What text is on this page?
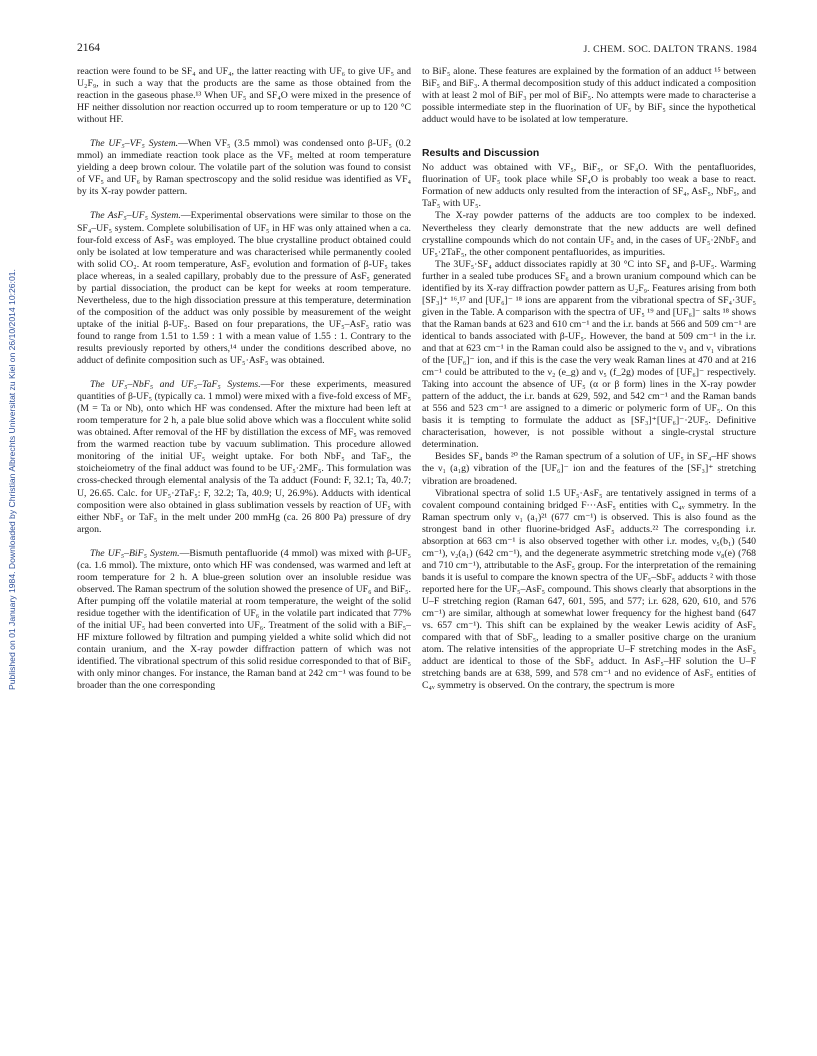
Published on 01 January 1984. Downloaded by Christian Albrechts Universitat zu Kiel on 26/10/2014 10:26:01.
2164	J. CHEM. SOC. DALTON TRANS. 1984

reaction were found to be SF₄ and UF₄, the latter reacting with UF₆ to give UF₅ and U₂F₉, in such a way that the products are the same as those obtained from the reaction in the gaseous phase.¹³ When UF₅ and SF₄O were mixed in the presence of HF neither dissolution nor reaction occurred up to room temperature or up to 120 °C without HF.

The UF₅–VF₅ System.—When VF₅ (3.5 mmol) was condensed onto β-UF₅ (0.2 mmol) an immediate reaction took place as the VF₅ melted at room temperature yielding a deep brown colour. The volatile part of the solution was found to consist of VF₅ and UF₆ by Raman spectroscopy and the solid residue was identified as VF₄ by its X-ray powder pattern.

The AsF₅–UF₅ System.—Experimental observations were similar to those on the SF₄–UF₅ system. Complete solubilisation of UF₅ in HF was only attained when a ca. four-fold excess of AsF₅ was employed. The blue crystalline product obtained could only be isolated at low temperature and was characterised while permanently cooled with solid CO₂. At room temperature, AsF₅ evolution and formation of β-UF₅ takes place whereas, in a sealed capillary, probably due to the pressure of AsF₅ generated by partial dissociation, the product can be kept for weeks at room temperature. Nevertheless, due to the high dissociation pressure at this temperature, determination of the composition of the adduct was only possible by measurement of the weight uptake of the initial β-UF₅. Based on four preparations, the UF₅–AsF₅ ratio was found to range from 1.51 to 1.59 : 1 with a mean value of 1.55 : 1. Contrary to the results previously reported by others,¹⁴ under the conditions described above, no adduct of definite composition such as UF₅·AsF₅ was obtained.

The UF₅–NbF₅ and UF₅–TaF₅ Systems.—For these experiments, measured quantities of β-UF₅ (typically ca. 1 mmol) were mixed with a five-fold excess of MF₅ (M = Ta or Nb), onto which HF was condensed. After the mixture had been left at room temperature for 2 h, a pale blue solid above which was a flocculent white solid was obtained. After removal of the HF by distillation the excess of MF₅ was removed from the warmed reaction tube by vacuum sublimation. This procedure allowed monitoring of the initial UF₅ weight uptake. For both NbF₅ and TaF₅, the stoicheiometry of the final adduct was found to be UF₅·2MF₅. This formulation was cross-checked through elemental analysis of the Ta adduct (Found: F, 32.1; Ta, 40.7; U, 26.65. Calc. for UF₅·2TaF₅: F, 32.2; Ta, 40.9; U, 26.9%). Adducts with identical composition were also obtained in glass sublimation vessels by reaction of UF₅ with either NbF₅ or TaF₅ in the melt under 200 mmHg (ca. 26 800 Pa) pressure of dry argon.

The UF₅–BiF₅ System.—Bismuth pentafluoride (4 mmol) was mixed with β-UF₅ (ca. 1.6 mmol). The mixture, onto which HF was condensed, was warmed and left at room temperature for 2 h. A blue-green solution over an insoluble residue was observed. The Raman spectrum of the solution showed the presence of UF₆ and BiF₅. After pumping off the volatile material at room temperature, the weight of the solid residue together with the identification of UF₆ in the volatile part indicated that 77% of the initial UF₅ had been converted into UF₆. Treatment of the solid with a BiF₅–HF mixture followed by filtration and pumping yielded a white solid which did not contain uranium, and the X-ray powder diffraction pattern of which was not identified. The vibrational spectrum of this solid residue corresponded to that of BiF₅ with only minor changes. For instance, the Raman band at 242 cm⁻¹ was found to be broader than the one corresponding

to BiF₅ alone. These features are explained by the formation of an adduct ¹⁵ between BiF₅ and BiF₃. A thermal decomposition study of this adduct indicated a composition with at least 2 mol of BiF₃ per mol of BiF₅. No attempts were made to characterise a possible intermediate step in the fluorination of UF₅ by BiF₅ since the hypothetical adduct would have to be isolated at low temperature.

Results and Discussion

No adduct was obtained with VF₅, BiF₅, or SF₄O. With the pentafluorides, fluorination of UF₅ took place while SF₄O is probably too weak a base to react. Formation of new adducts only resulted from the interaction of SF₄, AsF₅, NbF₅, and TaF₅ with UF₅.

The X-ray powder patterns of the adducts are too complex to be indexed. Nevertheless they clearly demonstrate that the new adducts are well defined crystalline compounds which do not contain UF₅ and, in the cases of UF₅·2NbF₅ and UF₅·2TaF₅, the other component pentafluorides, as impurities.

The 3UF₅·SF₄ adduct dissociates rapidly at 30 °C into SF₄ and β-UF₅. Warming further in a sealed tube produces SF₆ and a brown uranium compound which can be identified by its X-ray diffraction powder pattern as U₂F₉. Features arising from both [SF₃]⁺ ¹⁶,¹⁷ and [UF₆]⁻ ¹⁸ ions are apparent from the vibrational spectra of SF₄·3UF₅ given in the Table. A comparison with the spectra of UF₅ ¹⁹ and [UF₆]⁻ salts ¹⁸ shows that the Raman bands at 623 and 610 cm⁻¹ and the i.r. bands at 566 and 509 cm⁻¹ are identical to bands associated with β-UF₅. However, the band at 509 cm⁻¹ in the i.r. and that at 623 cm⁻¹ in the Raman could also be assigned to the ν₃ and ν₁ vibrations of the [UF₆]⁻ ion, and if this is the case the very weak Raman lines at 470 and at 216 cm⁻¹ could be attributed to the ν₂ (e_g) and ν₅ (f_2g) modes of [UF₆]⁻ respectively. Taking into account the absence of UF₅ (α or β form) lines in the X-ray powder pattern of the adduct, the i.r. bands at 629, 592, and 542 cm⁻¹ and the Raman bands at 556 and 523 cm⁻¹ are assigned to a dimeric or polymeric form of UF₅. On this basis it is tempting to formulate the adduct as [SF₃]⁺[UF₆]⁻·2UF₅. Definitive characterisation, however, is not possible without a single-crystal structure determination.

Besides SF₄ bands ²⁰ the Raman spectrum of a solution of UF₅ in SF₄–HF shows the ν₁ (a₁g) vibration of the [UF₆]⁻ ion and the features of the [SF₃]⁺ stretching vibration are broadened.

Vibrational spectra of solid 1.5 UF₅·AsF₅ are tentatively assigned in terms of a covalent compound containing bridged F···AsF₅ entities with C₄ᵥ symmetry. In the Raman spectrum only ν₁ (a₁)²¹ (677 cm⁻¹) is observed. This is also found as the strongest band in other fluorine-bridged AsF₅ adducts.²² The corresponding i.r. absorption at 663 cm⁻¹ is also observed together with other i.r. modes, ν₅(b₁) (540 cm⁻¹), ν₂(a₁) (642 cm⁻¹), and the degenerate asymmetric stretching mode ν₈(e) (768 and 710 cm⁻¹), attributable to the AsF₅ group. For the interpretation of the remaining bands it is useful to compare the known spectra of the UF₅–SbF₅ adducts ² with those reported here for the UF₅–AsF₅ compound. This shows clearly that absorptions in the U–F stretching region (Raman 647, 601, 595, and 577; i.r. 628, 620, 610, and 576 cm⁻¹) are similar, although at somewhat lower frequency for the highest band (647 vs. 657 cm⁻¹). This shift can be explained by the weaker Lewis acidity of AsF₅ compared with that of SbF₅, leading to a smaller positive charge on the uranium atom. The relative intensities of the appropriate U–F stretching modes in the AsF₅ adduct are identical to those of the SbF₅ adduct. In AsF₅–HF solution the U–F stretching bands are at 638, 599, and 578 cm⁻¹ and no evidence of AsF₅ entities of C₄ᵥ symmetry is observed. On the contrary, the spectrum is more
